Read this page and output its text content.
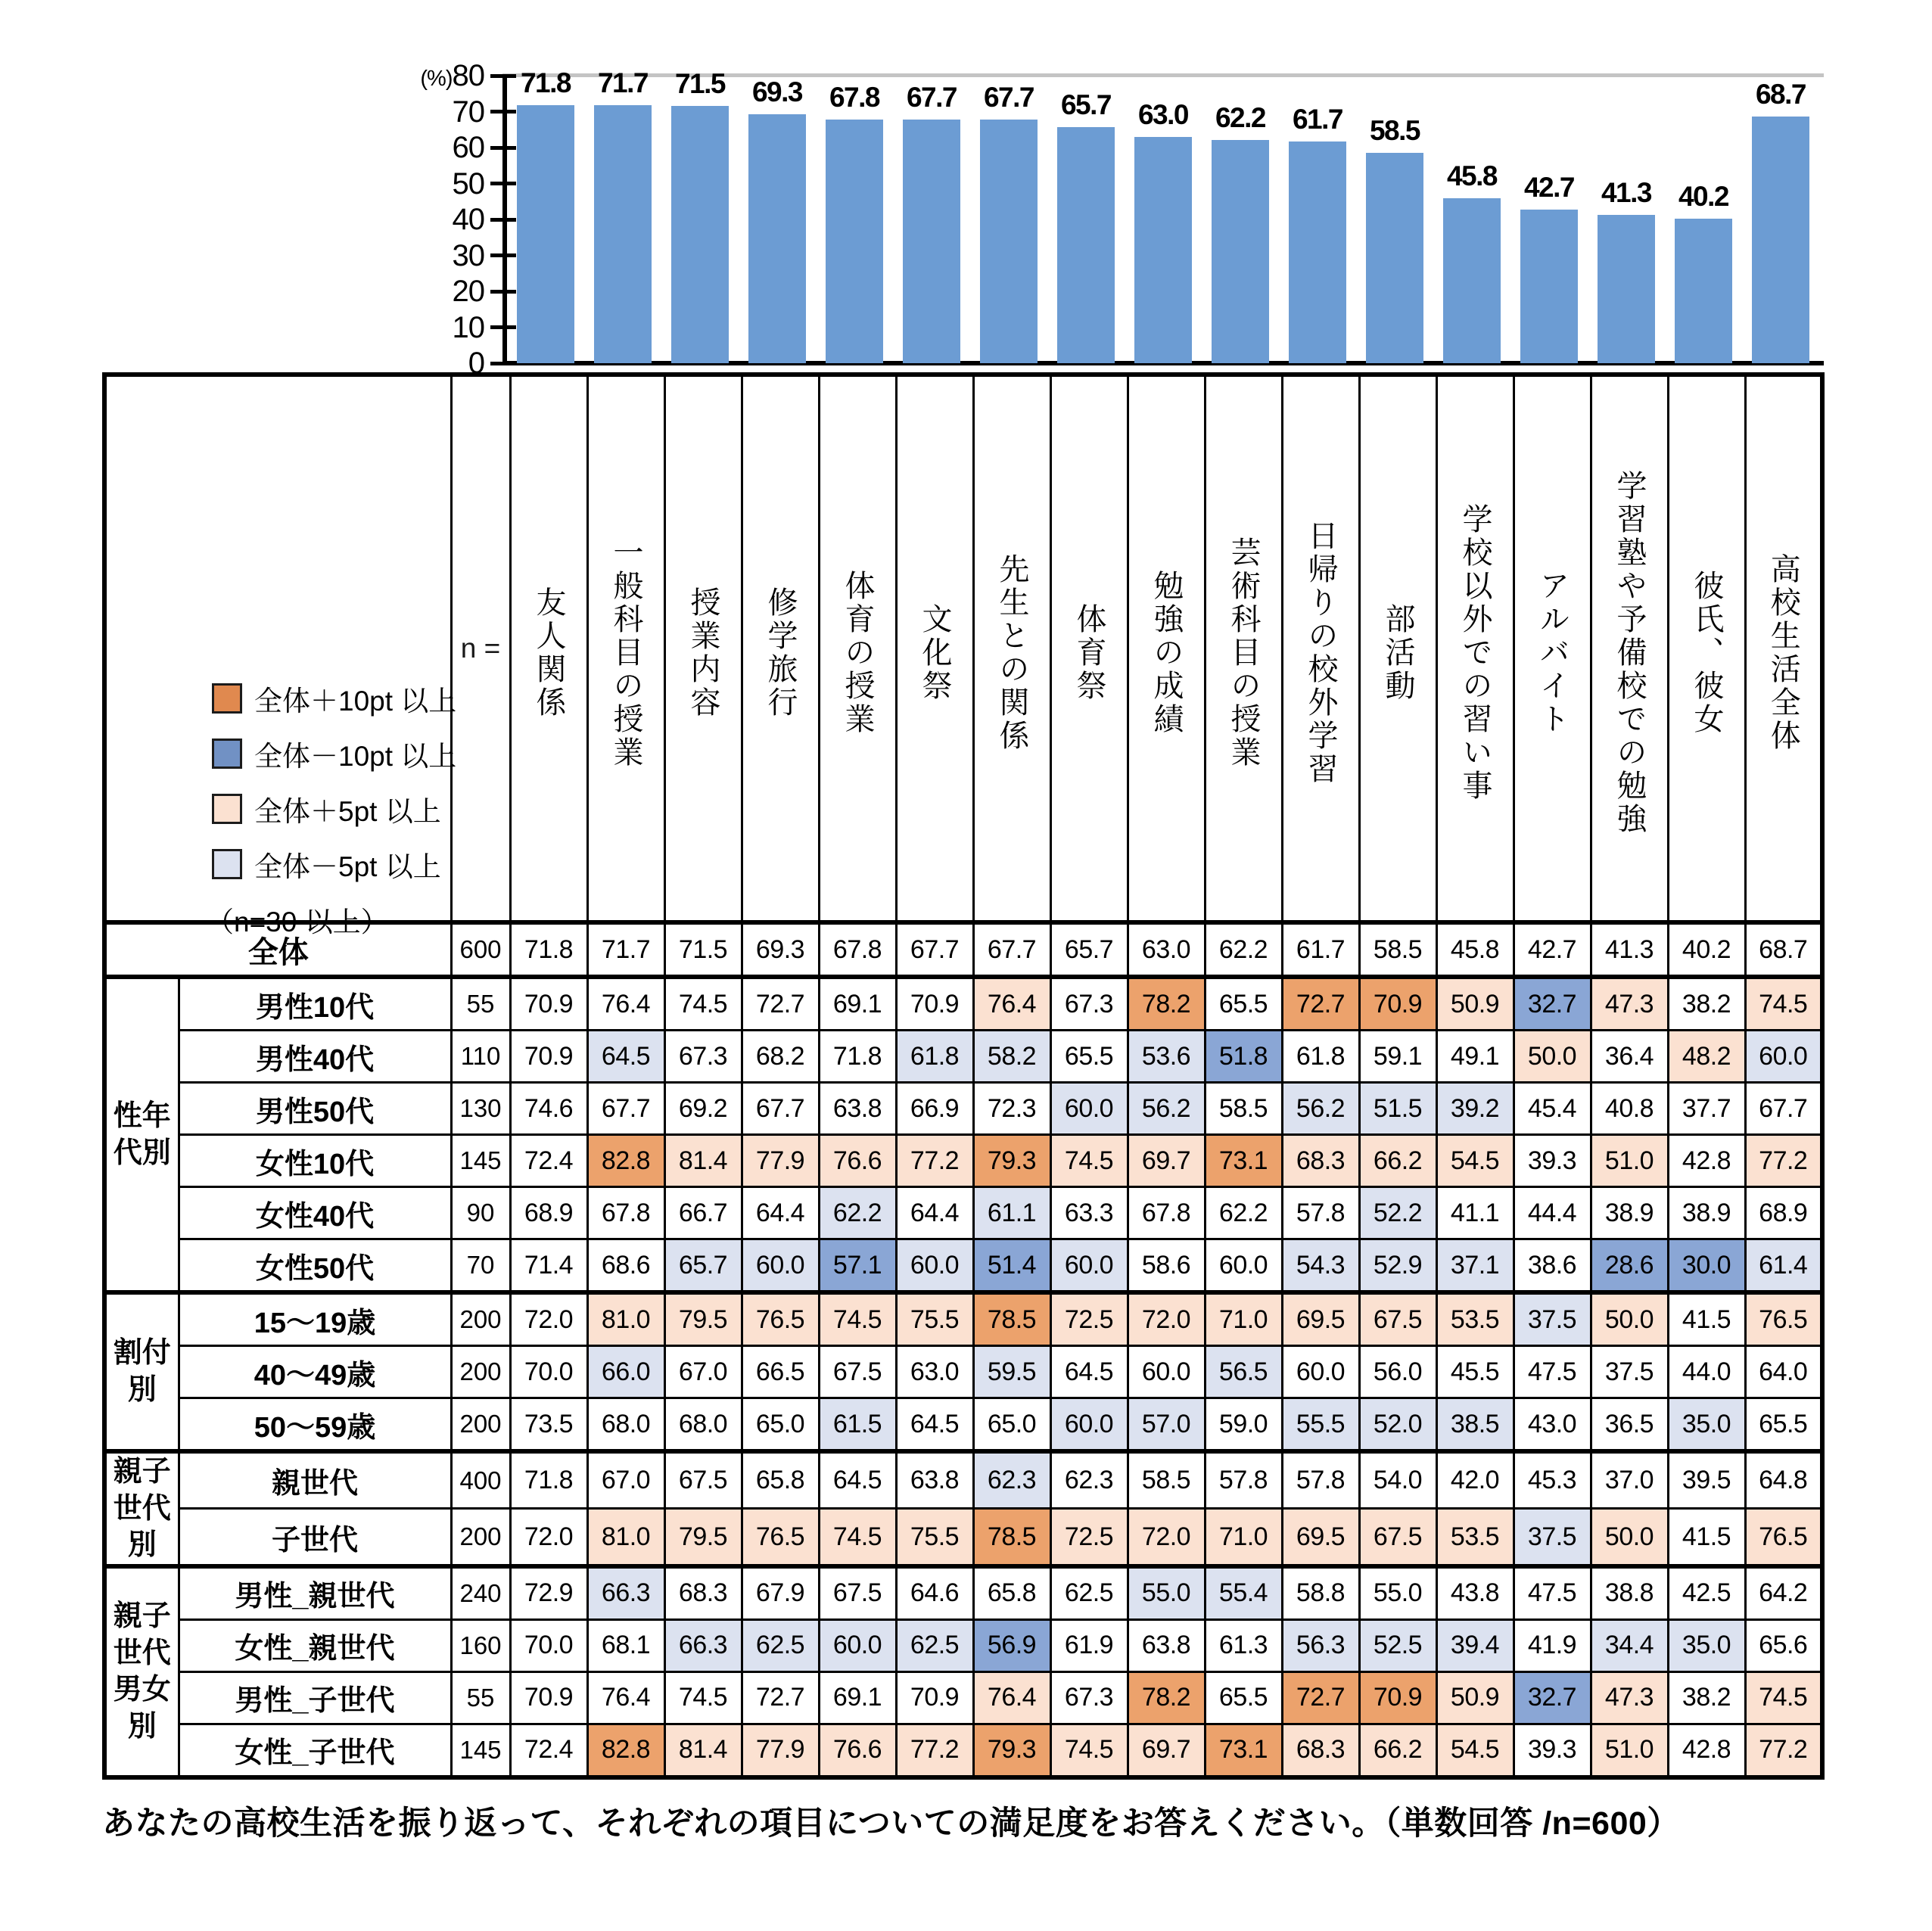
0
10
20
30
40
50
60
70
(%)80	71.8 71.7 71.5 69.3 67.8 67.7 67.7 65.7 63.0 62.2 61.7 58.5
45.8 42.7 41.3 40.2
68.7
全体＋10pt 以上
全体－10pt 以上
全体＋5pt 以上
全体－5pt 以上
（n=30 以上）
		n =	友人関係	一般科目の授業	授業内容	修学旅行	体育の授業	文化祭	先生との関係	体育祭	勉強の成績	芸術科目の授業	日帰りの校外学習	部活動	学校以外での習い事	アルバイト	学習塾や予備校での勉強	彼氏、彼女	高校生活全体
全体		600	71.8	71.7	71.5	69.3	67.8	67.7	67.7	65.7	63.0	62.2	61.7	58.5	45.8	42.7	41.3	40.2	68.7
性年
代別	男性10代	55	70.9	76.4	74.5	72.7	69.1	70.9	76.4	67.3	78.2	65.5	72.7	70.9	50.9	32.7	47.3	38.2	74.5
	男性40代	110	70.9	64.5	67.3	68.2	71.8	61.8	58.2	65.5	53.6	51.8	61.8	59.1	49.1	50.0	36.4	48.2	60.0
	男性50代	130	74.6	67.7	69.2	67.7	63.8	66.9	72.3	60.0	56.2	58.5	56.2	51.5	39.2	45.4	40.8	37.7	67.7
	女性10代	145	72.4	82.8	81.4	77.9	76.6	77.2	79.3	74.5	69.7	73.1	68.3	66.2	54.5	39.3	51.0	42.8	77.2
	女性40代	90	68.9	67.8	66.7	64.4	62.2	64.4	61.1	63.3	67.8	62.2	57.8	52.2	41.1	44.4	38.9	38.9	68.9
	女性50代	70	71.4	68.6	65.7	60.0	57.1	60.0	51.4	60.0	58.6	60.0	54.3	52.9	37.1	38.6	28.6	30.0	61.4
割付別	15〜19歳	200	72.0	81.0	79.5	76.5	74.5	75.5	78.5	72.5	72.0	71.0	69.5	67.5	53.5	37.5	50.0	41.5	76.5
	40〜49歳	200	70.0	66.0	67.0	66.5	67.5	63.0	59.5	64.5	60.0	56.5	60.0	56.0	45.5	47.5	37.5	44.0	64.0
	50〜59歳	200	73.5	68.0	68.0	65.0	61.5	64.5	65.0	60.0	57.0	59.0	55.5	52.0	38.5	43.0	36.5	35.0	65.5
親子
世代別	親世代	400	71.8	67.0	67.5	65.8	64.5	63.8	62.3	62.3	58.5	57.8	57.8	54.0	42.0	45.3	37.0	39.5	64.8
	子世代	200	72.0	81.0	79.5	76.5	74.5	75.5	78.5	72.5	72.0	71.0	69.5	67.5	53.5	37.5	50.0	41.5	76.5
親子
世代
男女別	男性_親世代	240	72.9	66.3	68.3	67.9	67.5	64.6	65.8	62.5	55.0	55.4	58.8	55.0	43.8	47.5	38.8	42.5	64.2
	女性_親世代	160	70.0	68.1	66.3	62.5	60.0	62.5	56.9	61.9	63.8	61.3	56.3	52.5	39.4	41.9	34.4	35.0	65.6
	男性_子世代	55	70.9	76.4	74.5	72.7	69.1	70.9	76.4	67.3	78.2	65.5	72.7	70.9	50.9	32.7	47.3	38.2	74.5
	女性_子世代	145	72.4	82.8	81.4	77.9	76.6	77.2	79.3	74.5	69.7	73.1	68.3	66.2	54.5	39.3	51.0	42.8	77.2
あなたの高校生活を振り返って、それぞれの項目についての満足度をお答えください。（単数回答 /n=600）
